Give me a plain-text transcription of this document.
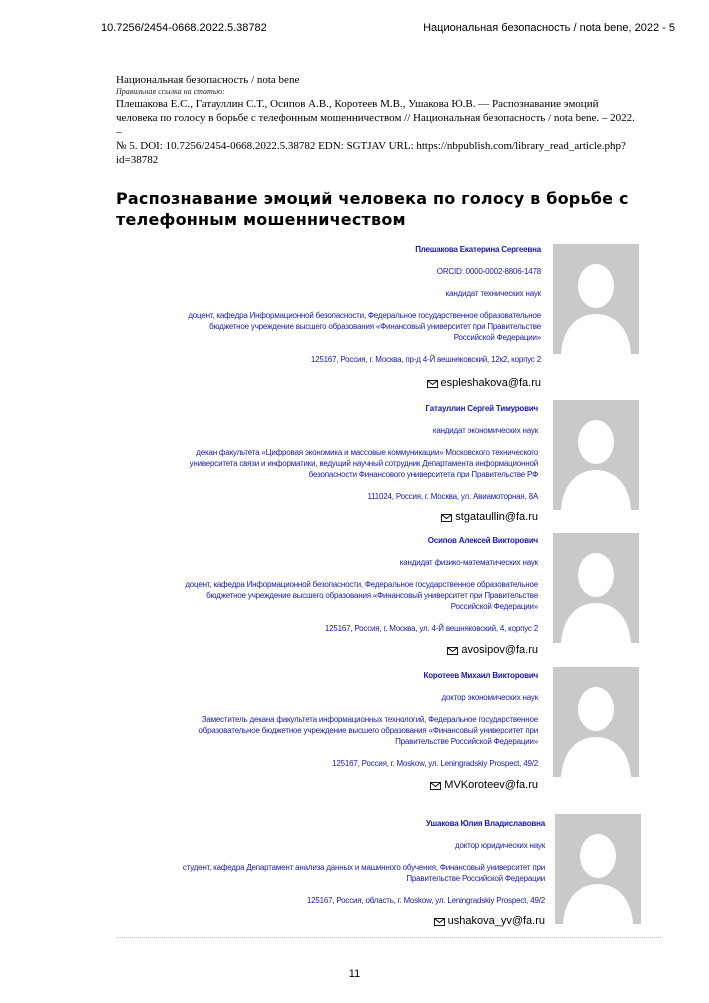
10.7256/2454-0668.2022.5.38782	Национальная безопасность / nota bene, 2022 - 5
Национальная безопасность / nota bene
Правильная ссылка на статью:
Плешакова Е.С., Гатауллин С.Т., Осипов А.В., Коротеев М.В., Ушакова Ю.В. — Распознавание эмоций
человека по голосу в борьбе с телефонным мошенничеством // Национальная безопасность / nota bene. – 2022. –
№ 5. DOI: 10.7256/2454-0668.2022.5.38782 EDN: SGTJAV URL: https://nbpublish.com/library_read_article.php?
id=38782
Распознавание эмоций человека по голосу в борьбе с
телефонным мошенничеством
Плешакова Екатерина Сергеевна
ORCID: 0000-0002-8806-1478
кандидат технических наук
доцент, кафедра Информационной безопасности, Федеральное государственное образовательное
бюджетное учреждение высшего образования «Финансовый университет при Правительстве
Российской Федерации»
125167, Россия, г. Москва, пр-д 4-Й вешняковский, 12к2, корпус 2
espleshakova@fa.ru
Гатауллин Сергей Тимурович
кандидат экономических наук
декан факультета «Цифровая экономика и массовые коммуникации» Московского технического
университета связи и информатики, ведущий научный сотрудник Департамента информационной
безопасности Финансового университета при Правительстве РФ
111024, Россия, г. Москва, ул. Авиамоторная, 8А
stgataullin@fa.ru
Осипов Алексей Викторович
кандидат физико-математических наук
доцент, кафедра Информационной безопасности, Федеральное государственное образовательное
бюджетное учреждение высшего образования «Финансовый университет при Правительстве
Российской Федерации»
125167, Россия, г. Москва, ул. 4-Й вешняковский, 4, корпус 2
avosipov@fa.ru
Коротеев Михаил Викторович
доктор экономических наук
Заместитель декана факультета информационных технологий, Федеральное государственное
образовательное бюджетное учреждение высшего образования «Финансовый университет при
Правительстве Российской Федерации»
125167, Россия, г. Moskow, ул. Leningradskiy Prospect, 49/2
MVKoroteev@fa.ru
Ушакова Юлия Владиславовна
доктор юридических наук
студент, кафедра Департамент анализа данных и машинного обучения, Финансовый университет при
Правительстве Российской Федерации
125167, Россия, область, г. Moskow, ул. Leningradskiy Prospect, 49/2
ushakova_yv@fa.ru
11
